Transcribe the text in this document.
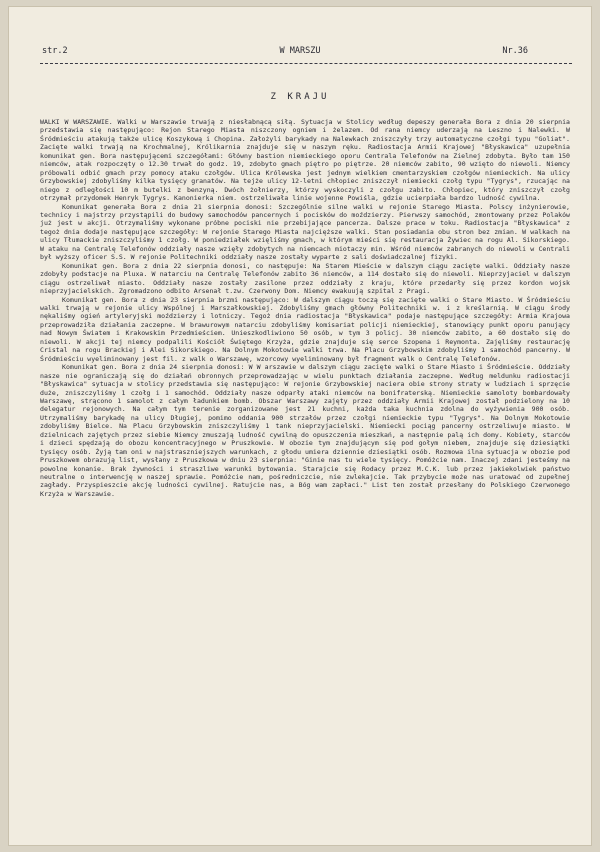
str.2	W MARSZU	Nr.36
Z KRAJU

WALKI W WARSZAWIE. Walki w Warszawie trwają z niesłabnącą siłą. Sytuacja w Stolicy według depeszy generała Bora z dnia 20 sierpnia przedstawia się następująco: Rejon Starego Miasta niszczony ogniem i żelazem. Od rana niemcy uderzają na Leszno i Nalewki. W Śródmieściu atakują także ulicę Koszykową i Chopina. Założyli barykady na Nalewkach zniszczyły trzy automatyczne czołgi typu "Goliat". Zacięte walki trwają na Krochmalnej, Królikarnia znajduje się w naszym ręku. Radiostacja Armii Krajowej "Błyskawica" uzupełnia komunikat gen. Bora następującemi szczegółami: Główny bastion niemieckiego oporu Centrala Telefonów na Zielnej zdobyta. Było tam 150 niemców, atak rozpoczęty o 12.30 trwał do godz. 19, zdobyto gmach piętro po piętrze. 20 niemców zabito, 90 wzięto do niewoli. Niemcy próbowali odbić gmach przy pomocy ataku czołgów. Ulica Królewska jest jednym wielkiem cmentarzyskiem czołgów niemieckich. Na ulicy Grzybowskiej zdobyliśmy kilka tysięcy granatów. Na tejże ulicy 12-letni chłopiec zniszczył niemiecki czołg typu "Tygrys", rzucając na niego z odległości 10 m butelki z benzyną. Dwóch żołnierzy, którzy wyskoczyli z czołgu zabito. Chłopiec, który zniszczył czołg otrzymał przydomek Henryk Tygrys. Kanonierka niem. ostrzeliwała linie wojenne Powiśla, gdzie ucierpiała bardzo ludność cywilna.

Komunikat generała Bora z dnia 21 sierpnia donosi: Szczególnie silne walki w rejonie Starego Miasta. Polscy inżynierowie, technicy i majstrzy przystąpili do budowy samochodów pancernych i pocisków do moździerzy. Pierwszy samochód, zmontowany przez Polaków już jest w akcji. Otrzymaliśmy wykonane próbne pociski nie przebijające pancerza. Dalsze prace w toku. Radiostacja "Błyskawica" z tegoż dnia dodaje następujące szczegóły: W rejonie Starego Miasta najcięższe walki. Stan posiadania obu stron bez zmian. W walkach na ulicy Tłumackie zniszczyliśmy 1 czołg. W poniedziałek wzięliśmy gmach, w którym mieści się restauracja Żywiec na rogu Al. Sikorskiego. W ataku na Centralę Telefonów oddziały nasze wzięły zdobytych na niemcach miotaczy min. Wśród niemców zabranych do niewoli w Centrali był wyższy oficer S.S. W rejonie Politechniki oddziały nasze zostały wyparte z sali doświadczalnej fizyki.

Komunikat gen. Bora z dnia 22 sierpnia donosi, co następuje: Na Starem Mieście w dalszym ciągu zacięte walki. Oddziały nasze zdobyły podstacje na Pluxa. W natarciu na Centralę Telefonów zabito 36 niemców, a 114 dostało się do niewoli. Nieprzyjaciel w dalszym ciągu ostrzeliwał miasto. Oddziały nasze zostały zasilone przez oddziały z kraju, które przedarły się przez kordon wojsk nieprzyjacielskich. Zgromadzono odbito Arsenał t.zw. Czerwony Dom. Niemcy ewakuują szpital z Pragi.

Komunikat gen. Bora z dnia 23 sierpnia brzmi następująco: W dalszym ciągu toczą się zacięte walki o Stare Miasto. W Śródmieściu walki trwają w rejonie ulicy Wspólnej i Marszałkowskiej. Zdobyliśmy gmach główny Politechniki w. i z kreślarnią. W ciągu środy nękaliśmy ogień artyleryjski moździerzy i lotniczy. Tegoż dnia radiostacja "Błyskawica" podaje następujące szczegóły: Armia Krajowa przeprowadziła działania zaczepne. W brawurowym natarciu zdobyliśmy komisariat policji niemieckiej, stanowiący punkt oporu panujący nad Nowym Światem i Krakowskim Przedmieściem. Unieszkodliwiono 50 osób, w tym 3 policj. 30 niemców zabito, a 60 dostało się do niewoli. W akcji tej niemcy podpalili Kościół Świętego Krzyża, gdzie znajduje się serce Szopena i Reymonta. Zajęliśmy restaurację Cristal na rogu Brackiej i Alei Sikorskiego. Na Dolnym Mokotowie walki trwa. Na Placu Grzybowskim zdobyliśmy 1 samochód pancerny. W Śródmieściu wyeliminowany jest fil. z walk o Warszawę, wzorcowy wyeliminowany był fragment walk o Centralę Telefonów.

Komunikat gen. Bora z dnia 24 sierpnia donosi: W W arszawie w dalszym ciągu zacięte walki o Stare Miasto i Śródmieście. Oddziały nasze nie ograniczają się do działań obronnych przeprowadzając w wielu punktach działania zaczepne. Według meldunku radiostacji "Błyskawica" sytuacja w stolicy przedstawia się następująco: W rejonie Grzybowskiej naciera obie strony straty w ludziach i sprzęcie duże, zniszczyliśmy 1 czołg i 1 samochód. Oddziały nasze odparły ataki niemców na bonifraterską. Niemieckie samoloty bombardowały Warszawę, strącono 1 samolot z całym ładunkiem bomb. Obszar Warszawy zajęty przez oddziały Armii Krajowej został podzielony na 10 delegatur rejonowych. Na całym tym terenie zorganizowane jest 21 kuchni, każda taka kuchnia zdolna do wyżywienia 900 osób. Utrzymaliśmy barykadę na ulicy Długiej, pomimo oddania 900 strzałów przez czołgi niemieckie typu "Tygrys". Na Dolnym Mokotowie zdobyliśmy Bielce. Na Placu Grzybowskim zniszczyliśmy 1 tank nieprzyjacielski. Niemiecki pociąg pancerny ostrzeliwuje miasto. W dzielnicach zajętych przez siebie Niemcy zmuszają ludność cywilną do opuszczenia mieszkań, a następnie palą ich domy. Kobiety, starców i dzieci spędzają do obozu koncentracyjnego w Pruszkowie. W obozie tym znajdującym się pod gołym niebem, znajduje się dziesiątki tysięcy osób. Żyją tam oni w najstraszniejszych warunkach, z głodu umiera dziennie dziesiątki osób. Rozmowa ilna sytuacja w obozie pod Pruszkowem obrazują list, wysłany z Pruszkowa w dniu 23 sierpnia: "Ginie nas tu wiele tysięcy. Pomóżcie nam. Inaczej zdani jesteśmy na powolne konanie. Brak żywności i straszliwe warunki bytowania. Starajcie się Rodacy przez M.C.K. lub przez jakiekolwiek państwo neutralne o interwencję w naszej sprawie. Pomóżcie nam, pośredniczcie, nie zwlekajcie. Tak przybycie może nas uratować od zupełnej zagłady. Przyspieszcie akcję ludności cywilnej. Ratujcie nas, a Bóg wam zapłaci." List ten został przesłany do Polskiego Czerwonego Krzyża w Warszawie.
